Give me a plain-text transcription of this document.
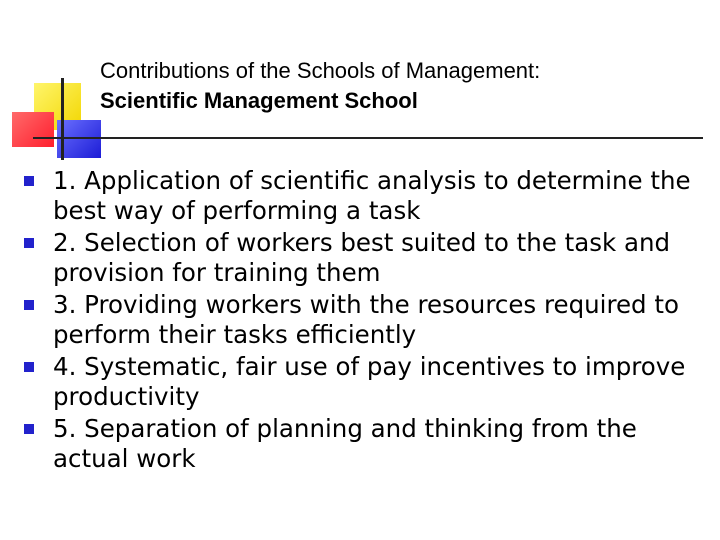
Contributions of the Schools of Management:
Scientific Management School
1. Application of scientific analysis to determine the best way of performing a task
2. Selection of workers best suited to the task and provision for training them
3. Providing workers with the resources required to perform their tasks efficiently
4. Systematic, fair use of pay incentives to improve productivity
5. Separation of planning and thinking from the actual work
